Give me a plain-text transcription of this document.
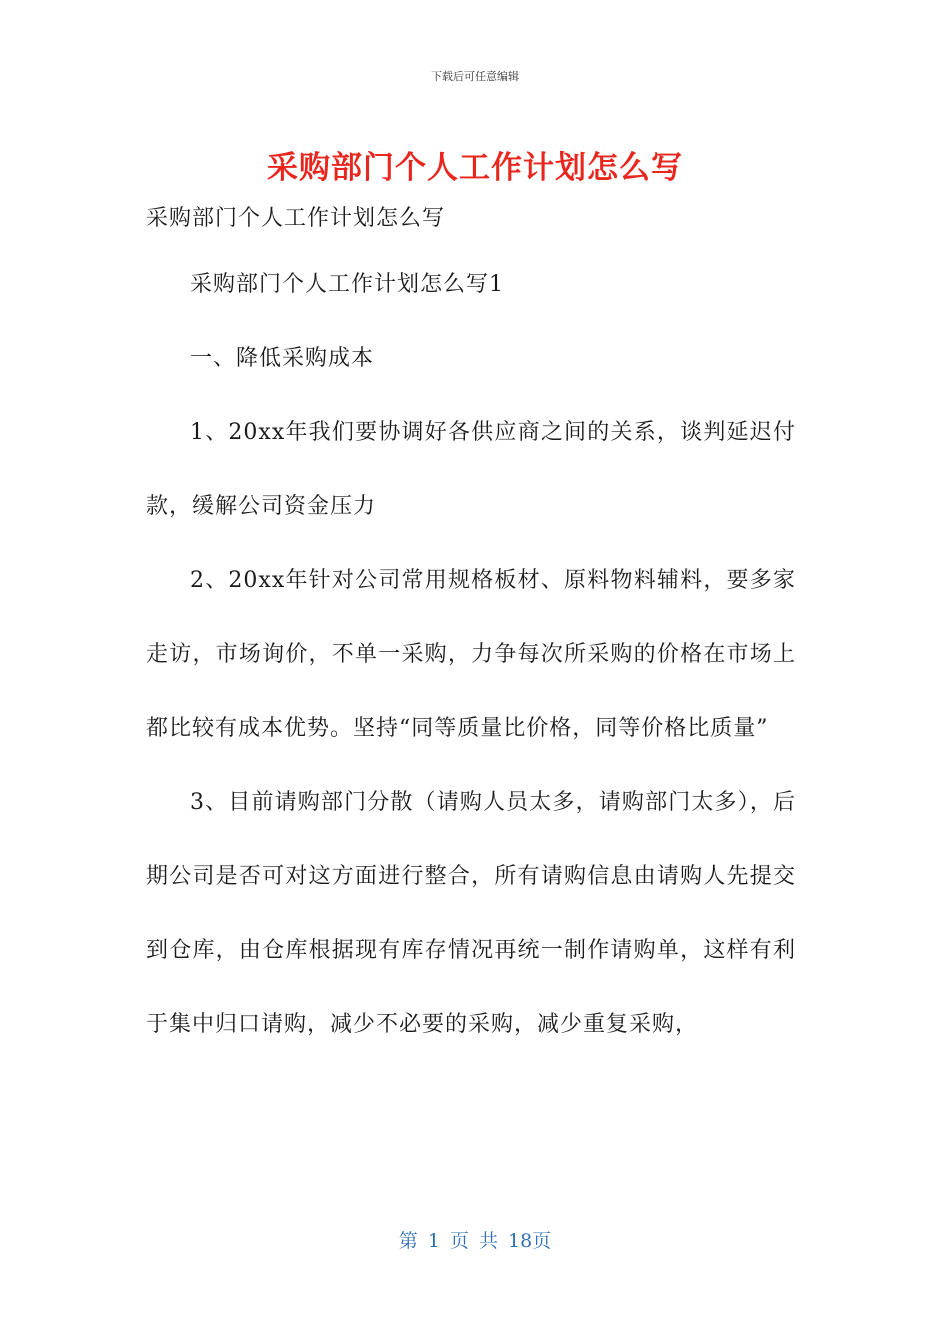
下载后可任意编辑
采购部门个人工作计划怎么写

采购部门个人工作计划怎么写

采购部门个人工作计划怎么写1

一、降低采购成本

1、20xx年我们要协调好各供应商之间的关系，谈判延迟付款，缓解公司资金压力

2、20xx年针对公司常用规格板材、原料物料辅料，要多家走访，市场询价，不单一采购，力争每次所采购的价格在市场上都比较有成本优势。坚持“同等质量比价格，同等价格比质量”

3、目前请购部门分散（请购人员太多，请购部门太多），后期公司是否可对这方面进行整合，所有请购信息由请购人先提交到仓库，由仓库根据现有库存情况再统一制作请购单，这样有利于集中归口请购，减少不必要的采购，减少重复采购，

第 1 页 共 18页
